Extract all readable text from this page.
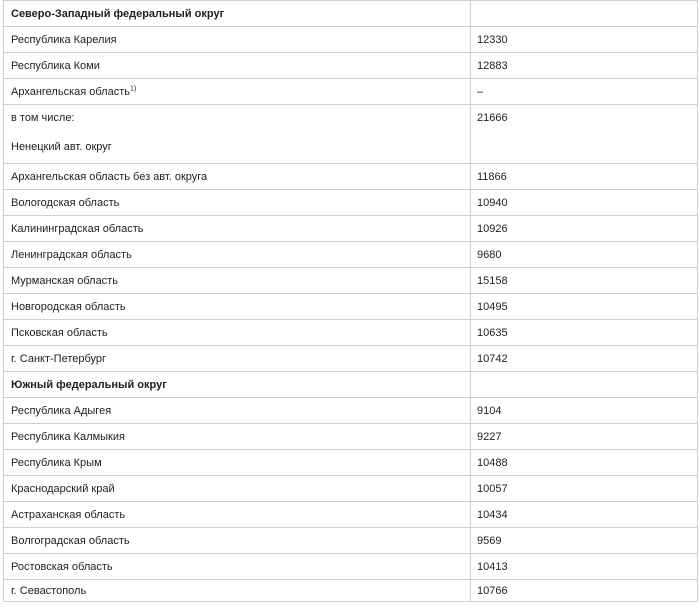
Северо-Западный федеральный округ	
Республика Карелия	12330
Республика Коми	12883
Архангельская область$^{1)}$	–

в том числе:
Ненецкий авт. округ	21666

Архангельская область без авт. округа	11866
Вологодская область	10940
Калининградская область	10926
Ленинградская область	9680
Мурманская область	15158
Новгородская область	10495
Псковская область	10635
г. Санкт-Петербург	10742
Южный федеральный округ	
Республика Адыгея	9104
Республика Калмыкия	9227
Республика Крым	10488
Краснодарский край	10057
Астраханская область	10434
Волгоградская область	9569
Ростовская область	10413
г. Севастополь	10766
